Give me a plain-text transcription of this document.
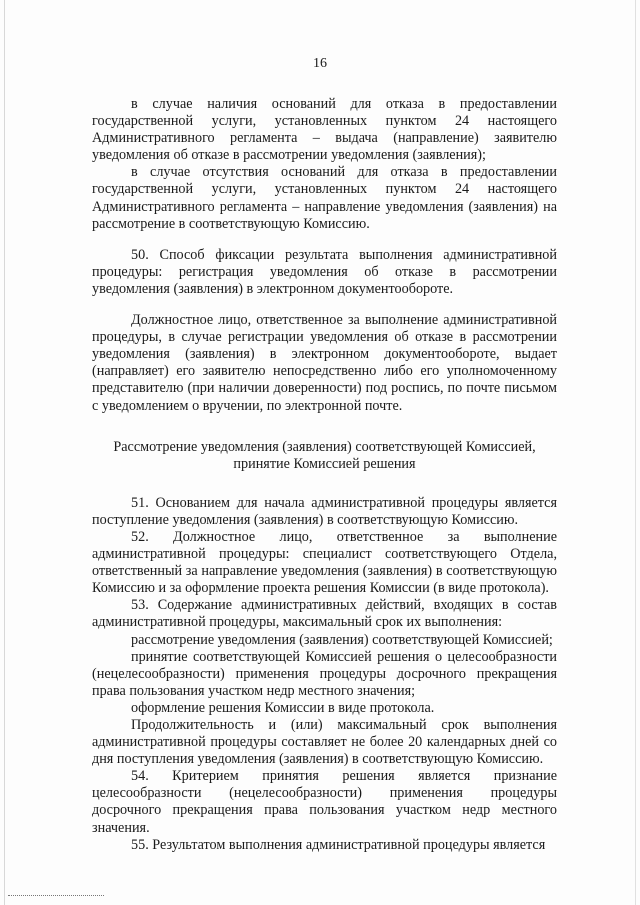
16

в случае наличия оснований для отказа в предоставлении государственной услуги, установленных пунктом 24 настоящего Административного регламента – выдача (направление) заявителю уведомления об отказе в рассмотрении уведомления (заявления);

в случае отсутствия оснований для отказа в предоставлении государственной услуги, установленных пунктом 24 настоящего Административного регламента – направление уведомления (заявления) на рассмотрение в соответствующую Комиссию.

50. Способ фиксации результата выполнения административной процедуры: регистрация уведомления об отказе в рассмотрении уведомления (заявления) в электронном документообороте.

Должностное лицо, ответственное за выполнение административной процедуры, в случае регистрации уведомления об отказе в рассмотрении уведомления (заявления) в электронном документообороте, выдает (направляет) его заявителю непосредственно либо его уполномоченному представителю (при наличии доверенности) под роспись, по почте письмом с уведомлением о вручении, по электронной почте.

Рассмотрение уведомления (заявления) соответствующей Комиссией, принятие Комиссией решения

51. Основанием для начала административной процедуры является поступление уведомления (заявления) в соответствующую Комиссию.

52. Должностное лицо, ответственное за выполнение административной процедуры: специалист соответствующего Отдела, ответственный за направление уведомления (заявления) в соответствующую Комиссию и за оформление проекта решения Комиссии (в виде протокола).

53. Содержание административных действий, входящих в состав административной процедуры, максимальный срок их выполнения:

рассмотрение уведомления (заявления) соответствующей Комиссией;

принятие соответствующей Комиссией решения о целесообразности (нецелесообразности) применения процедуры досрочного прекращения права пользования участком недр местного значения;

оформление решения Комиссии в виде протокола.

Продолжительность и (или) максимальный срок выполнения административной процедуры составляет не более 20 календарных дней со дня поступления уведомления (заявления) в соответствующую Комиссию.

54. Критерием принятия решения является признание целесообразности (нецелесообразности) применения процедуры досрочного прекращения права пользования участком недр местного значения.

55. Результатом выполнения административной процедуры является
